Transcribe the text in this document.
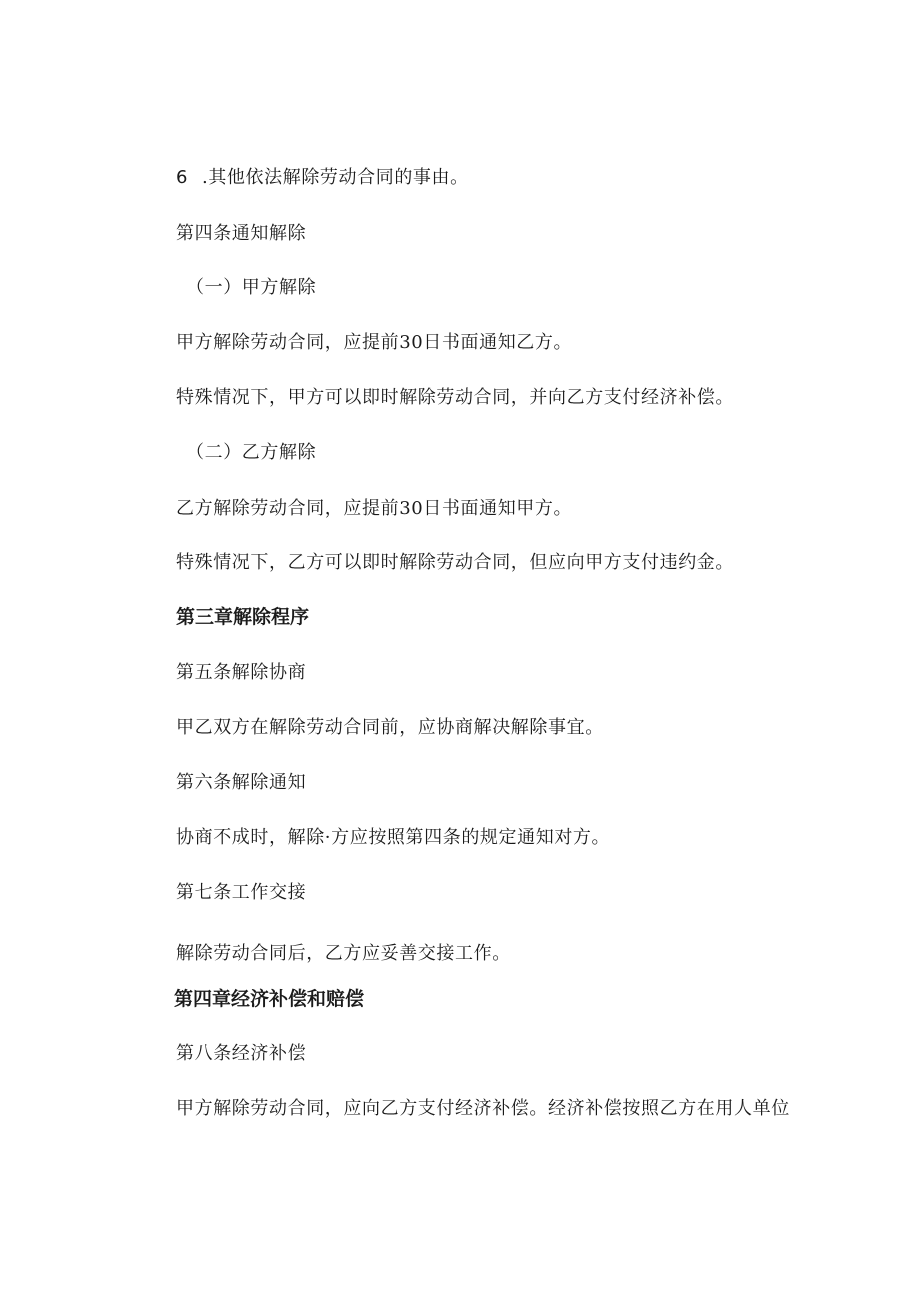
6 .其他依法解除劳动合同的事由。
第四条通知解除
（一）甲方解除
甲方解除劳动合同，应提前30日书面通知乙方。
特殊情况下，甲方可以即时解除劳动合同，并向乙方支付经济补偿。
（二）乙方解除
乙方解除劳动合同，应提前30日书面通知甲方。
特殊情况下，乙方可以即时解除劳动合同，但应向甲方支付违约金。
第三章解除程序
第五条解除协商
甲乙双方在解除劳动合同前，应协商解决解除事宜。
第六条解除通知
协商不成时，解除·方应按照第四条的规定通知对方。
第七条工作交接
解除劳动合同后，乙方应妥善交接工作。
第四章经济补偿和赔偿
第八条经济补偿
甲方解除劳动合同，应向乙方支付经济补偿。经济补偿按照乙方在用人单位
